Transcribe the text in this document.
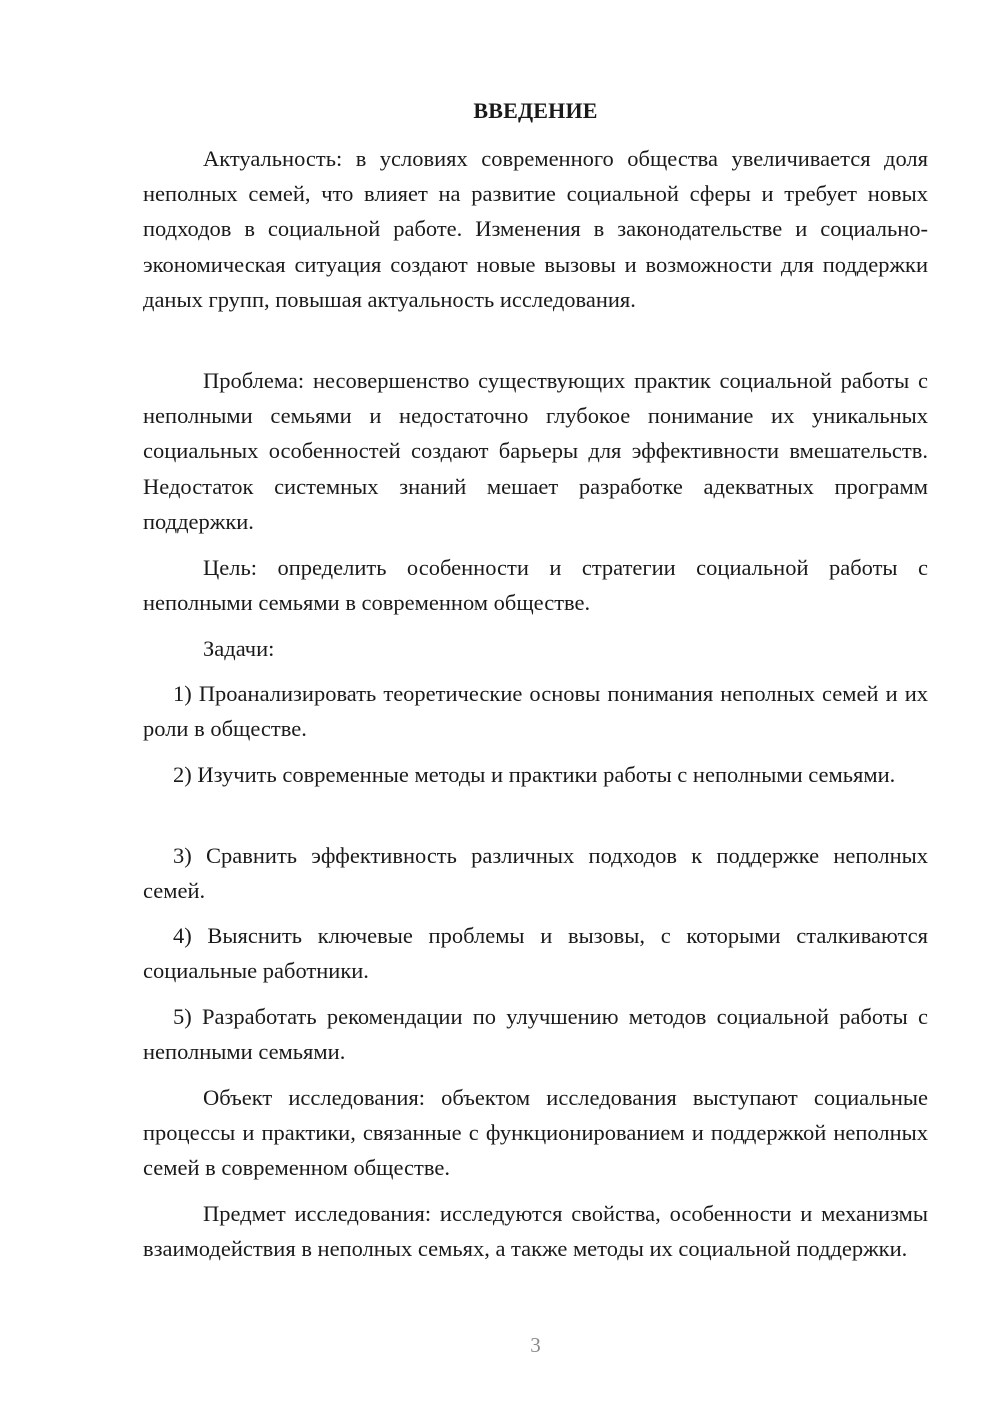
ВВЕДЕНИЕ

Актуальность: в условиях современного общества увеличивается доля неполных семей, что влияет на развитие социальной сферы и требует новых подходов в социальной работе. Изменения в законодательстве и социально-экономическая ситуация создают новые вызовы и возможности для поддержки даных групп, повышая актуальность исследования.

Проблема: несовершенство существующих практик социальной работы с неполными семьями и недостаточно глубокое понимание их уникальных социальных особенностей создают барьеры для эффективности вмешательств. Недостаток системных знаний мешает разработке адекватных программ поддержки.

Цель: определить особенности и стратегии социальной работы с неполными семьями в современном обществе.

Задачи:

1) Проанализировать теоретические основы понимания неполных семей и их роли в обществе.

2) Изучить современные методы и практики работы с неполными семьями.

3) Сравнить эффективность различных подходов к поддержке неполных семей.

4) Выяснить ключевые проблемы и вызовы, с которыми сталкиваются социальные работники.

5) Разработать рекомендации по улучшению методов социальной работы с неполными семьями.

Объект исследования: объектом исследования выступают социальные процессы и практики, связанные с функционированием и поддержкой неполных семей в современном обществе.

Предмет исследования: исследуются свойства, особенности и механизмы взаимодействия в неполных семьях, а также методы их социальной поддержки.

3
